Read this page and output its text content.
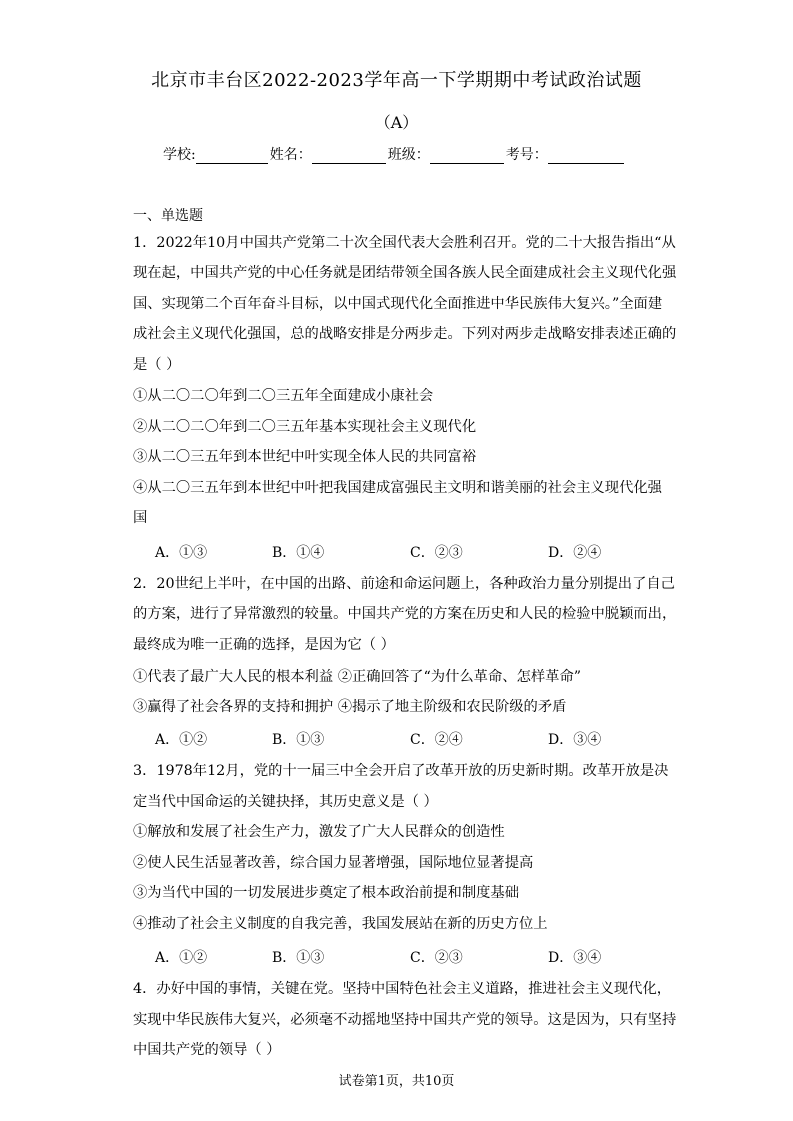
北京市丰台区2022-2023学年高一下学期期中考试政治试题
（A）
学校:	姓名：	班级：	考号：
一、单选题
1．2022年10月中国共产党第二十次全国代表大会胜利召开。党的二十大报告指出“从
现在起，中国共产党的中心任务就是团结带领全国各族人民全面建成社会主义现代化强
国、实现第二个百年奋斗目标，以中国式现代化全面推进中华民族伟大复兴。”全面建
成社会主义现代化强国，总的战略安排是分两步走。下列对两步走战略安排表述正确的
是（ ）
①从二〇二〇年到二〇三五年全面建成小康社会
②从二〇二〇年到二〇三五年基本实现社会主义现代化
③从二〇三五年到本世纪中叶实现全体人民的共同富裕
④从二〇三五年到本世纪中叶把我国建成富强民主文明和谐美丽的社会主义现代化强
国
A．①③	B．①④	C．②③	D．②④
2．20世纪上半叶，在中国的出路、前途和命运问题上，各种政治力量分别提出了自己
的方案，进行了异常激烈的较量。中国共产党的方案在历史和人民的检验中脱颖而出，
最终成为唯一正确的选择，是因为它（ ）
①代表了最广大人民的根本利益 ②正确回答了“为什么革命、怎样革命”
③赢得了社会各界的支持和拥护 ④揭示了地主阶级和农民阶级的矛盾
A．①②	B．①③	C．②④	D．③④
3．1978年12月，党的十一届三中全会开启了改革开放的历史新时期。改革开放是决
定当代中国命运的关键抉择，其历史意义是（ ）
①解放和发展了社会生产力，激发了广大人民群众的创造性
②使人民生活显著改善，综合国力显著增强，国际地位显著提高
③为当代中国的一切发展进步奠定了根本政治前提和制度基础
④推动了社会主义制度的自我完善，我国发展站在新的历史方位上
A．①②	B．①③	C．②③	D．③④
4．办好中国的事情，关键在党。坚持中国特色社会主义道路，推进社会主义现代化，
实现中华民族伟大复兴，必须毫不动摇地坚持中国共产党的领导。这是因为，只有坚持
中国共产党的领导（ ）
试卷第1页，共10页
